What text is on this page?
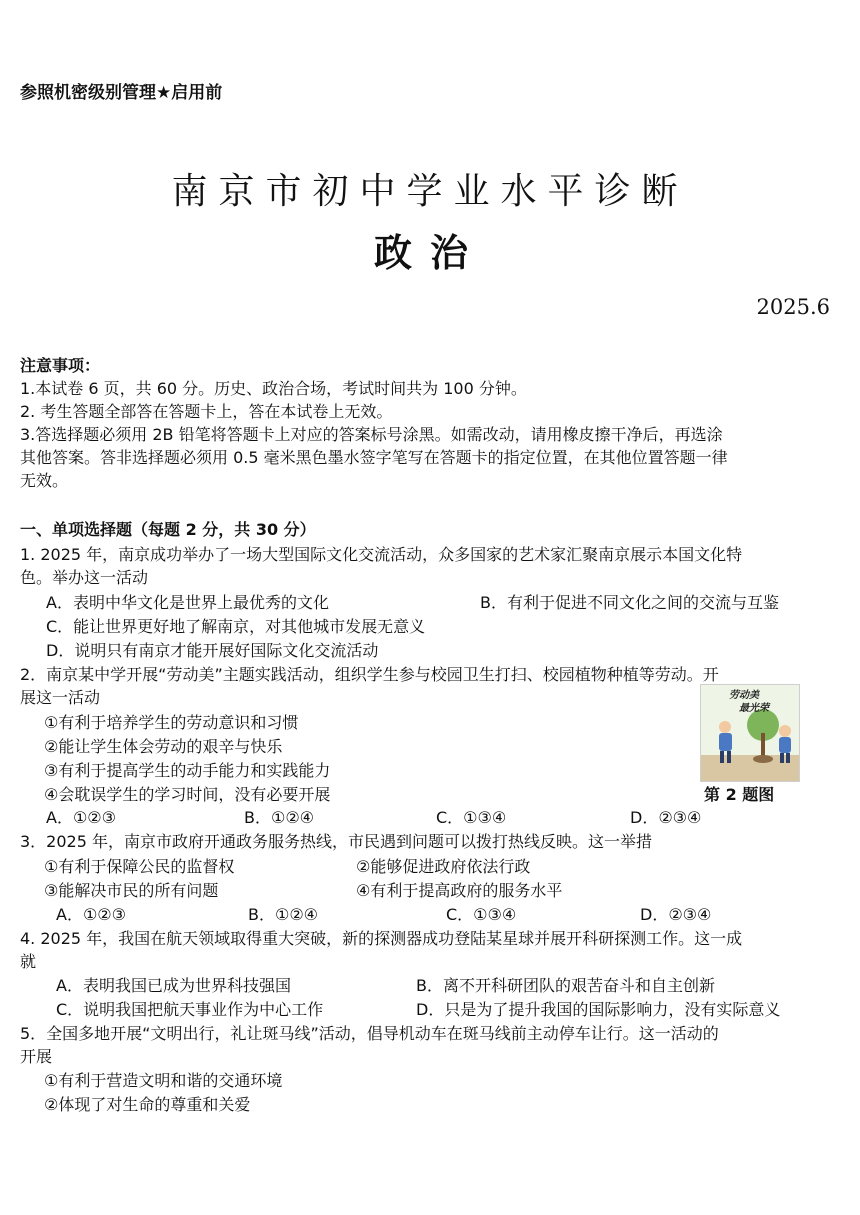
参照机密级别管理★启用前
南京市初中学业水平诊断
政治
2025.6
注意事项：
1.本试卷 6 页，共 60 分。历史、政治合场，考试时间共为 100 分钟。
2. 考生答题全部答在答题卡上，答在本试卷上无效。
3.答选择题必须用 2B 铅笔将答题卡上对应的答案标号涂黑。如需改动，请用橡皮擦干净后，再选涂
其他答案。答非选择题必须用 0.5 毫米黑色墨水签字笔写在答题卡的指定位置，在其他位置答题一律
无效。
一、单项选择题（每题 2 分，共 30 分）
1. 2025 年，南京成功举办了一场大型国际文化交流活动，众多国家的艺术家汇聚南京展示本国文化特
色。举办这一活动
A．表明中华文化是世界上最优秀的文化	B．有利于促进不同文化之间的交流与互鉴
C．能让世界更好地了解南京，对其他城市发展无意义
D．说明只有南京才能开展好国际文化交流活动
2．南京某中学开展“劳动美”主题实践活动，组织学生参与校园卫生打扫、校园植物种植等劳动。开
展这一活动
①有利于培养学生的劳动意识和习惯
②能让学生体会劳动的艰辛与快乐
③有利于提高学生的动手能力和实践能力
④会耽误学生的学习时间，没有必要开展
A．①②③	B．①②④	C．①③④	D．②③④
劳动美
最光荣
第 2 题图
3．2025 年，南京市政府开通政务服务热线，市民遇到问题可以拨打热线反映。这一举措
①有利于保障公民的监督权	②能够促进政府依法行政
③能解决市民的所有问题	④有利于提高政府的服务水平
A．①②③	B．①②④	C．①③④	D．②③④
4. 2025 年，我国在航天领域取得重大突破，新的探测器成功登陆某星球并展开科研探测工作。这一成
就
A．表明我国已成为世界科技强国	B．离不开科研团队的艰苦奋斗和自主创新
C．说明我国把航天事业作为中心工作	D．只是为了提升我国的国际影响力，没有实际意义
5．全国多地开展“文明出行，礼让斑马线”活动，倡导机动车在斑马线前主动停车让行。这一活动的
开展
①有利于营造文明和谐的交通环境
②体现了对生命的尊重和关爱
